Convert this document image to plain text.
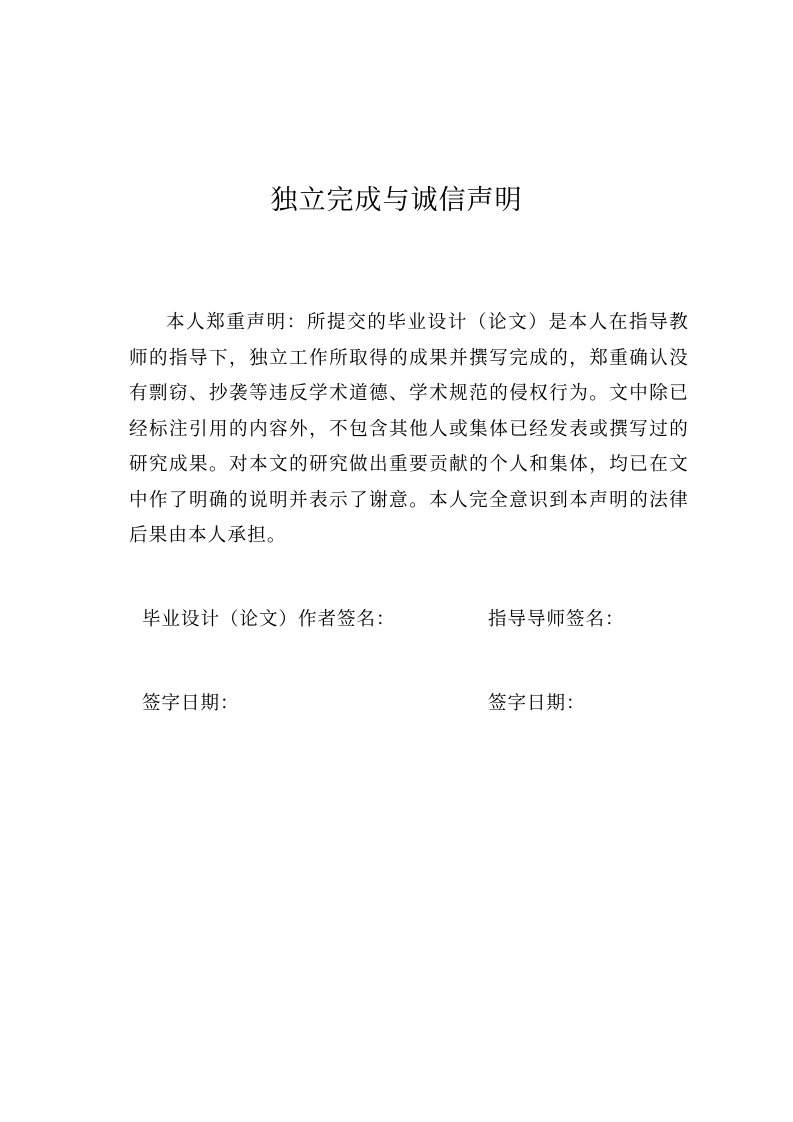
独立完成与诚信声明

本人郑重声明：所提交的毕业设计（论文）是本人在指导教师的指导下，独立工作所取得的成果并撰写完成的，郑重确认没有剽窃、抄袭等违反学术道德、学术规范的侵权行为。文中除已经标注引用的内容外，不包含其他人或集体已经发表或撰写过的研究成果。对本文的研究做出重要贡献的个人和集体，均已在文中作了明确的说明并表示了谢意。本人完全意识到本声明的法律后果由本人承担。

毕业设计（论文）作者签名：	指导导师签名：
签字日期：	签字日期：
